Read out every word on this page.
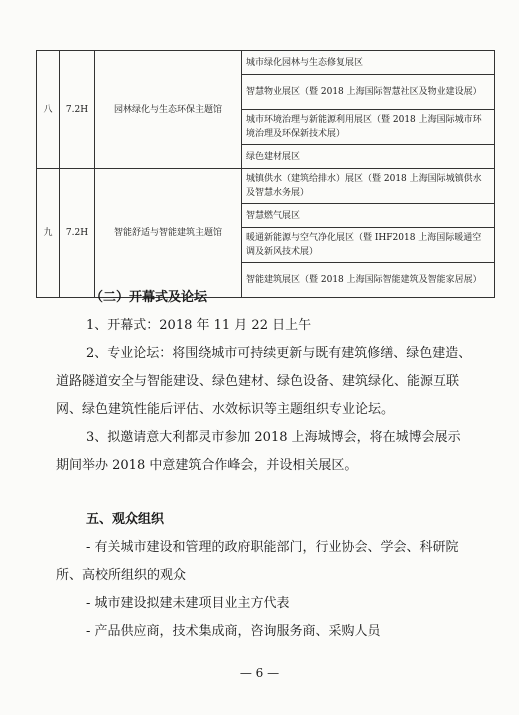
八	7.2H	园林绿化与生态环保主题馆	城市绿化园林与生态修复展区
			智慧物业展区（暨 2018 上海国际智慧社区及物业建设展）
			城市环境治理与新能源利用展区（暨 2018 上海国际城市环境治理及环保新技术展）
			绿色建材展区
九	7.2H	智能舒适与智能建筑主题馆	城镇供水（建筑给排水）展区（暨 2018 上海国际城镇供水及智慧水务展）
			智慧燃气展区
			暖通新能源与空气净化展区（暨 IHF2018 上海国际暖通空调及新风技术展）
			智能建筑展区（暨 2018 上海国际智能建筑及智能家居展）

（二）开幕式及论坛

1、开幕式：2018 年 11 月 22 日上午

2、专业论坛：将围绕城市可持续更新与既有建筑修缮、绿色建造、道路隧道安全与智能建设、绿色建材、绿色设备、建筑绿化、能源互联网、绿色建筑性能后评估、水效标识等主题组织专业论坛。

3、拟邀请意大利都灵市参加 2018 上海城博会，将在城博会展示期间举办 2018 中意建筑合作峰会，并设相关展区。

五、观众组织

- 有关城市建设和管理的政府职能部门，行业协会、学会、科研院所、高校所组织的观众

- 城市建设拟建未建项目业主方代表

- 产品供应商，技术集成商，咨询服务商、采购人员

— 6 —
